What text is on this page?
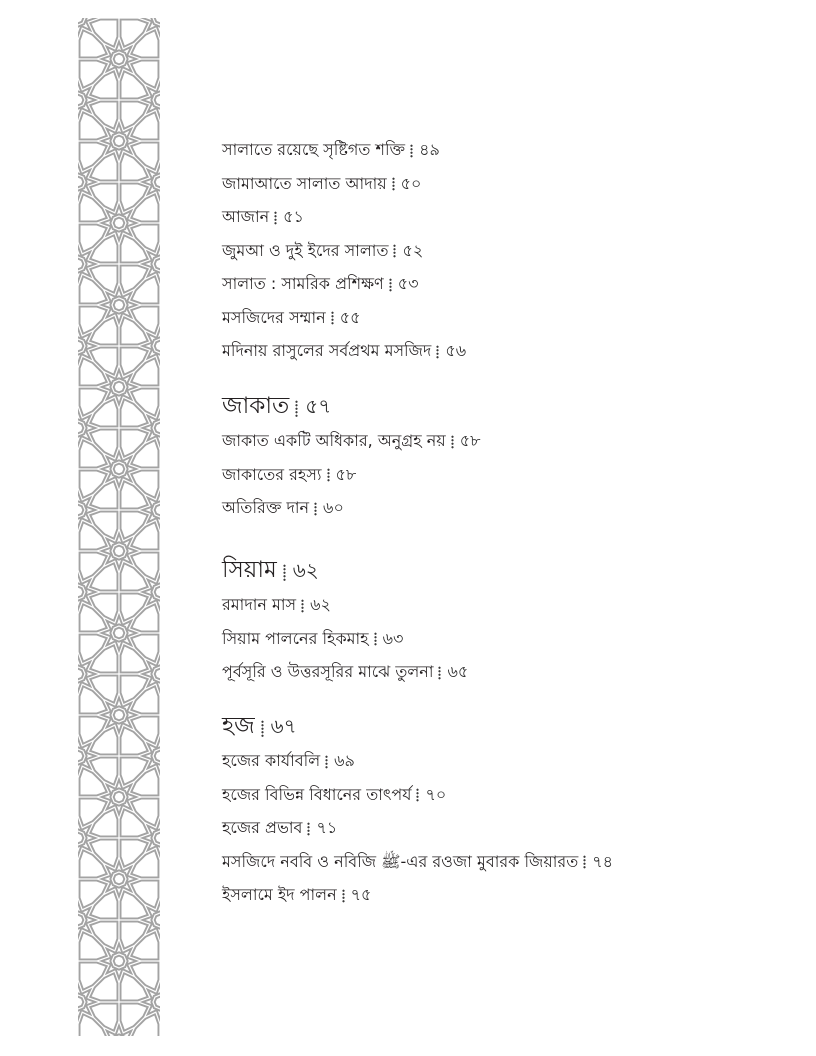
সালাতে রয়েছে সৃষ্টিগত শক্তি ৪৯
জামাআতে সালাত আদায় ৫০
আজান ৫১
জুমআ ও দুই ইদের সালাত ৫২
সালাত : সামরিক প্রশিক্ষণ ৫৩
মসজিদের সম্মান ৫৫
মদিনায় রাসুলের সর্বপ্রথম মসজিদ ৫৬
জাকাত ৫৭
জাকাত একটি অধিকার, অনুগ্রহ নয় ৫৮
জাকাতের রহস্য ৫৮
অতিরিক্ত দান ৬০
সিয়াম ৬২
রমাদান মাস ৬২
সিয়াম পালনের হিকমাহ ৬৩
পূর্বসূরি ও উত্তরসূরির মাঝে তুলনা ৬৫
হজ ৬৭
হজের কার্যাবলি ৬৯
হজের বিভিন্ন বিধানের তাৎপর্য ৭০
হজের প্রভাব ৭১
মসজিদে নববি ও নবিজি ﷺ-এর রওজা মুবারক জিয়ারত ৭৪
ইসলামে ইদ পালন ৭৫
